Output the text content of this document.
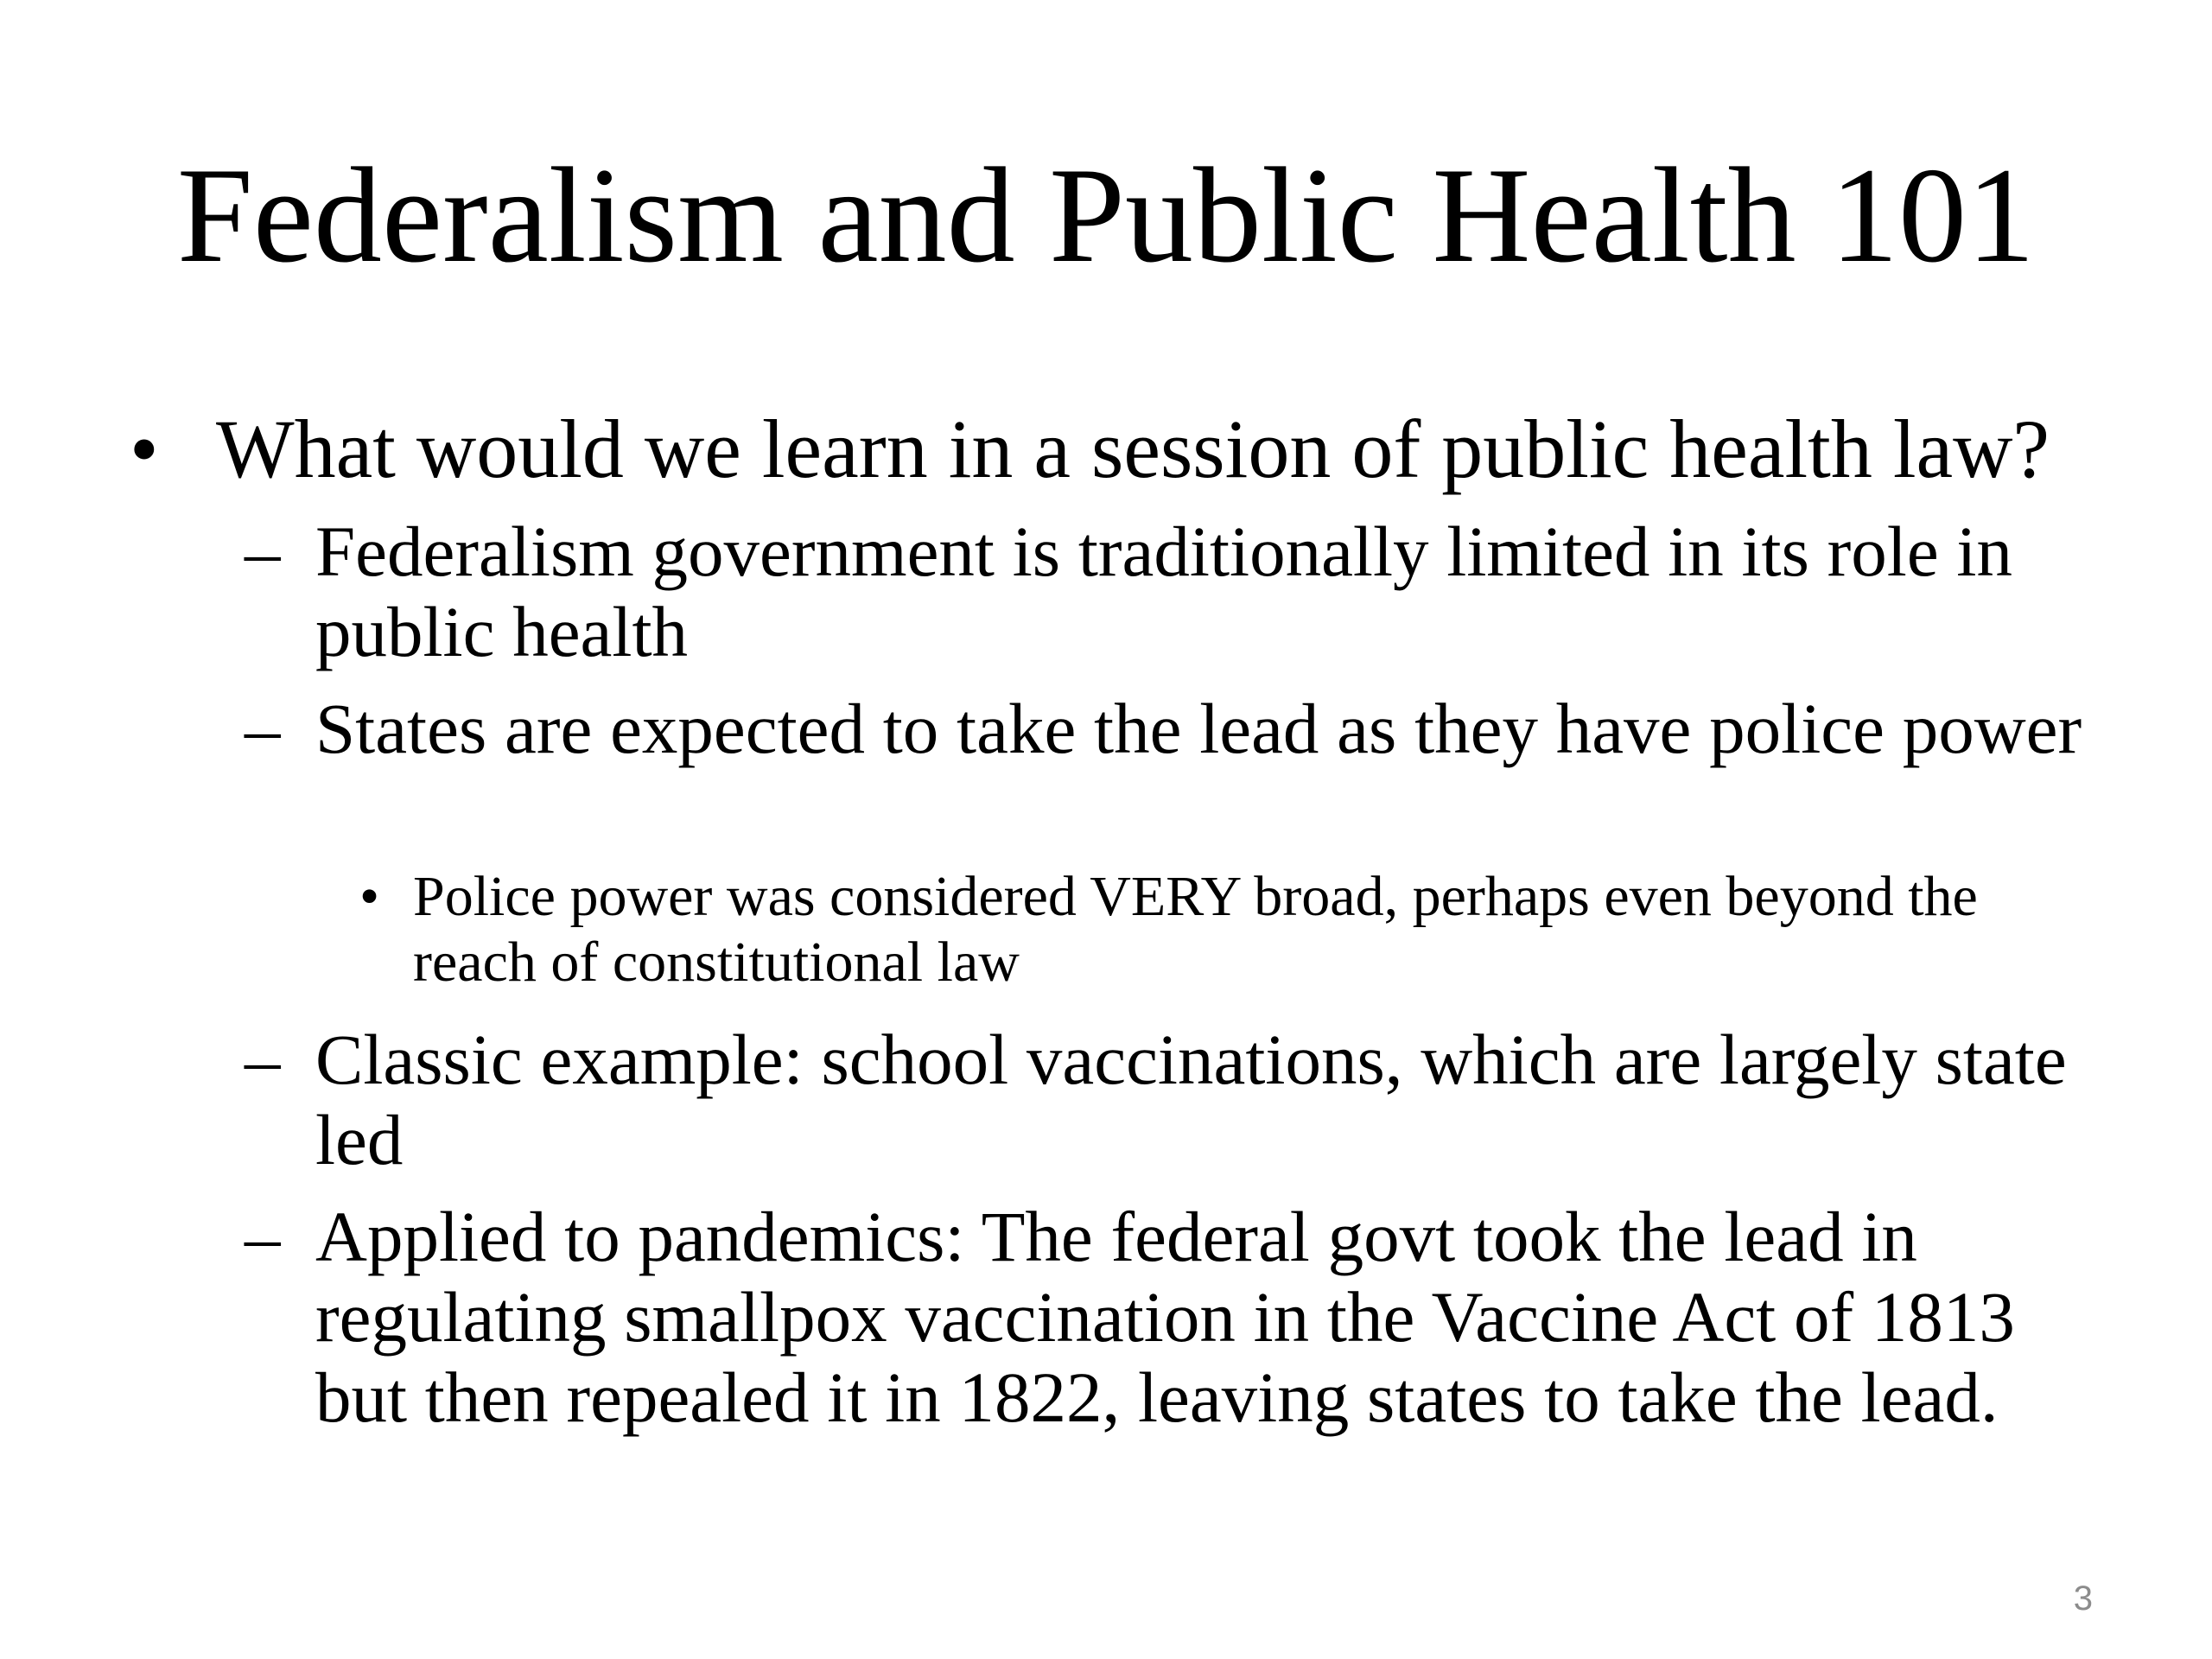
Federalism and Public Health 101
• What would we learn in a session of public health law?
– Federalism government is traditionally limited in its role in public health
– States are expected to take the lead as they have police power
• Police power was considered VERY broad, perhaps even beyond the reach of constitutional law
– Classic example: school vaccinations, which are largely state led
– Applied to pandemics: The federal govt took the lead in regulating smallpox vaccination in the Vaccine Act of 1813 but then repealed it in 1822, leaving states to take the lead.
3
